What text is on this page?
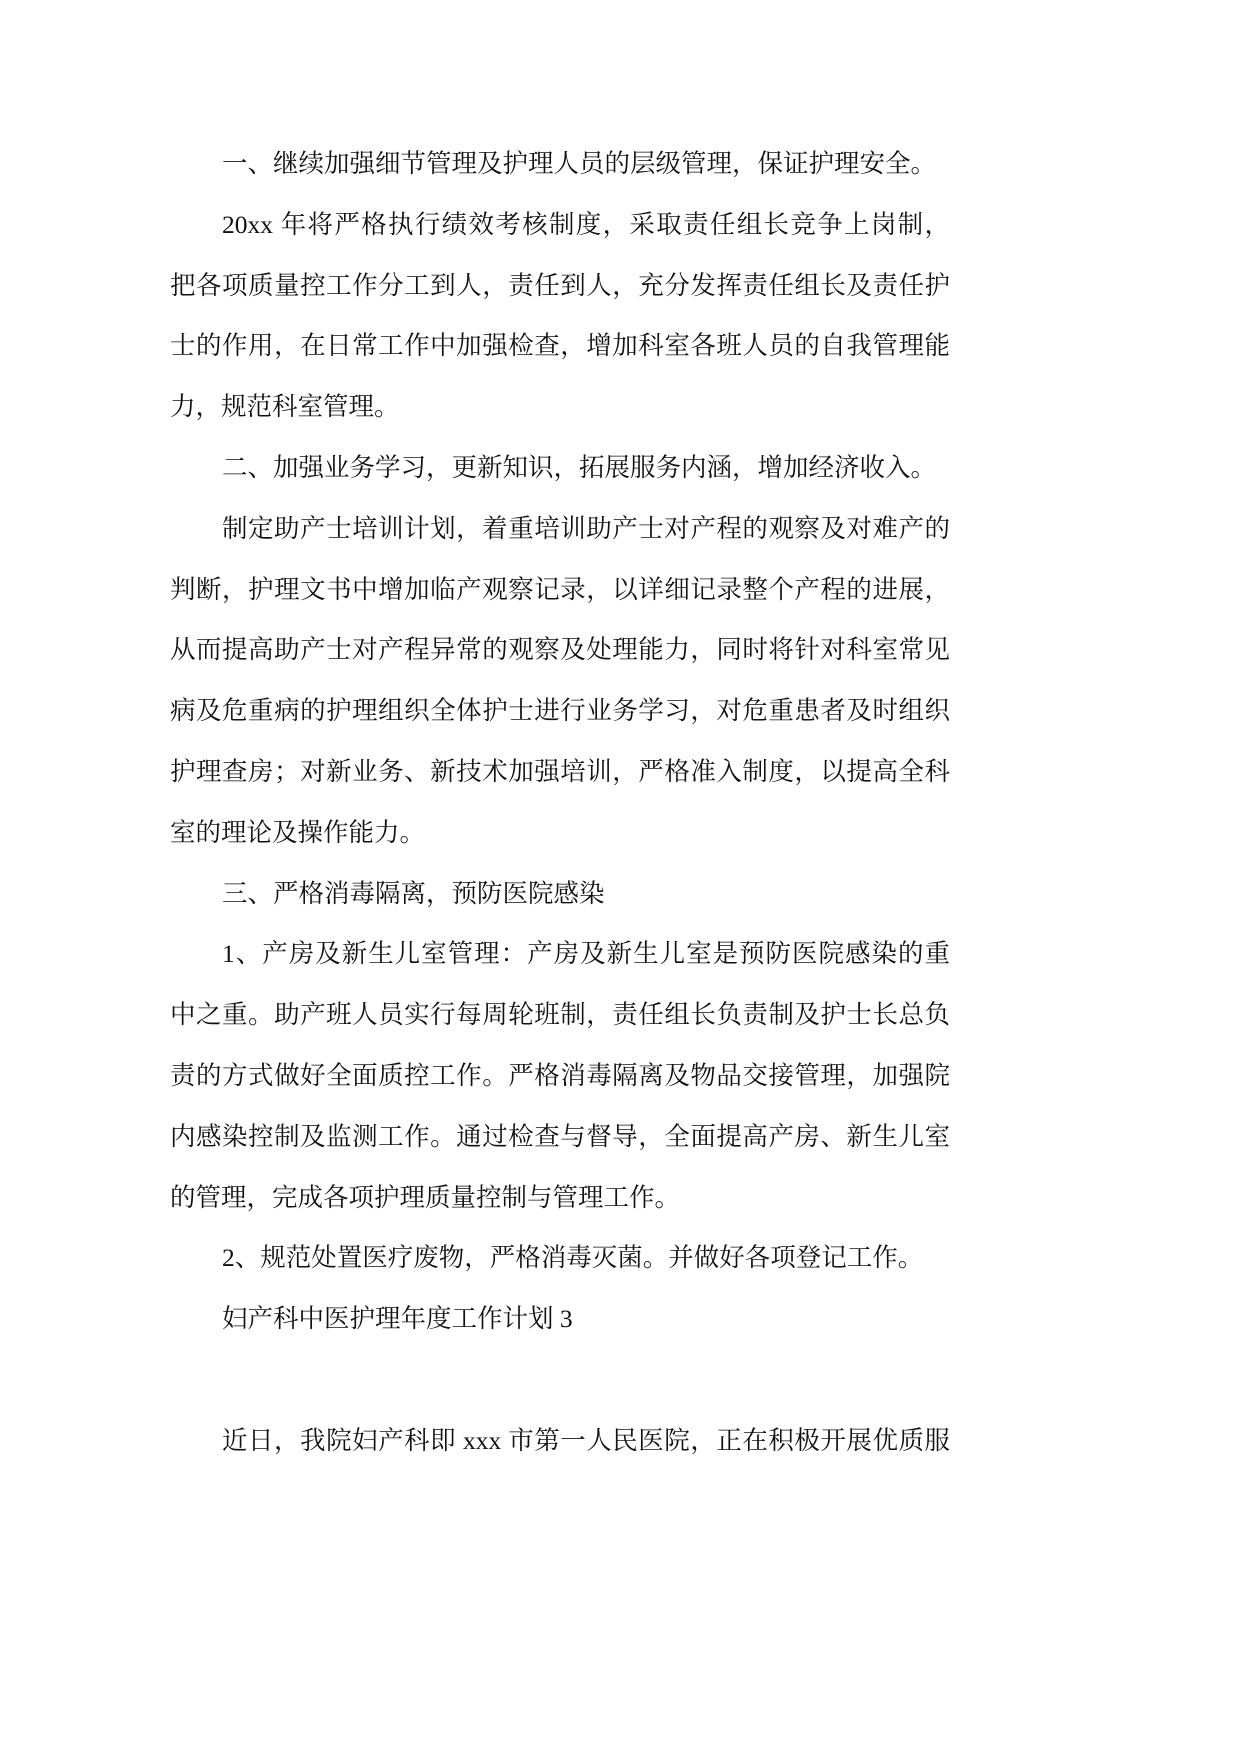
一、继续加强细节管理及护理人员的层级管理，保证护理安全。
20xx 年将严格执行绩效考核制度，采取责任组长竞争上岗制，
把各项质量控工作分工到人，责任到人，充分发挥责任组长及责任护
士的作用，在日常工作中加强检查，增加科室各班人员的自我管理能
力，规范科室管理。
二、加强业务学习，更新知识，拓展服务内涵，增加经济收入。
制定助产士培训计划，着重培训助产士对产程的观察及对难产的
判断，护理文书中增加临产观察记录，以详细记录整个产程的进展，
从而提高助产士对产程异常的观察及处理能力，同时将针对科室常见
病及危重病的护理组织全体护士进行业务学习，对危重患者及时组织
护理查房；对新业务、新技术加强培训，严格准入制度，以提高全科
室的理论及操作能力。
三、严格消毒隔离，预防医院感染
1、产房及新生儿室管理：产房及新生儿室是预防医院感染的重
中之重。助产班人员实行每周轮班制，责任组长负责制及护士长总负
责的方式做好全面质控工作。严格消毒隔离及物品交接管理，加强院
内感染控制及监测工作。通过检查与督导，全面提高产房、新生儿室
的管理，完成各项护理质量控制与管理工作。
2、规范处置医疗废物，严格消毒灭菌。并做好各项登记工作。
妇产科中医护理年度工作计划 3
近日，我院妇产科即 xxx 市第一人民医院，正在积极开展优质服
